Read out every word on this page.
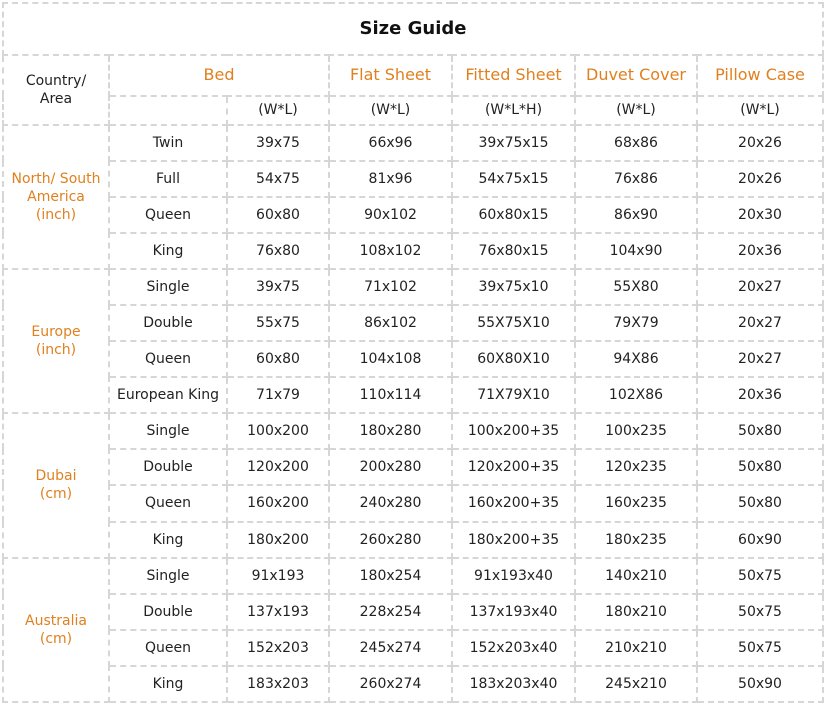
Size Guide						

Country/
Area	Bed		Flat Sheet	Fitted Sheet	Duvet Cover	Pillow Case
		(W*L)	(W*L)	(W*L*H)	(W*L)	(W*L)

North/ South
America
(inch)	Twin	39x75	66x96	39x75x15	68x86	20x26
	Full	54x75	81x96	54x75x15	76x86	20x26
	Queen	60x80	90x102	60x80x15	86x90	20x30
	King	76x80	108x102	76x80x15	104x90	20x36

Europe
(inch)	Single	39x75	71x102	39x75x10	55X80	20x27
	Double	55x75	86x102	55X75X10	79X79	20x27
	Queen	60x80	104x108	60X80X10	94X86	20x27
	European King	71x79	110x114	71X79X10	102X86	20x36

Dubai
(cm)	Single	100x200	180x280	100x200+35	100x235	50x80
	Double	120x200	200x280	120x200+35	120x235	50x80
	Queen	160x200	240x280	160x200+35	160x235	50x80
	King	180x200	260x280	180x200+35	180x235	60x90

Australia
(cm)	Single	91x193	180x254	91x193x40	140x210	50x75
	Double	137x193	228x254	137x193x40	180x210	50x75
	Queen	152x203	245x274	152x203x40	210x210	50x75
	King	183x203	260x274	183x203x40	245x210	50x90
